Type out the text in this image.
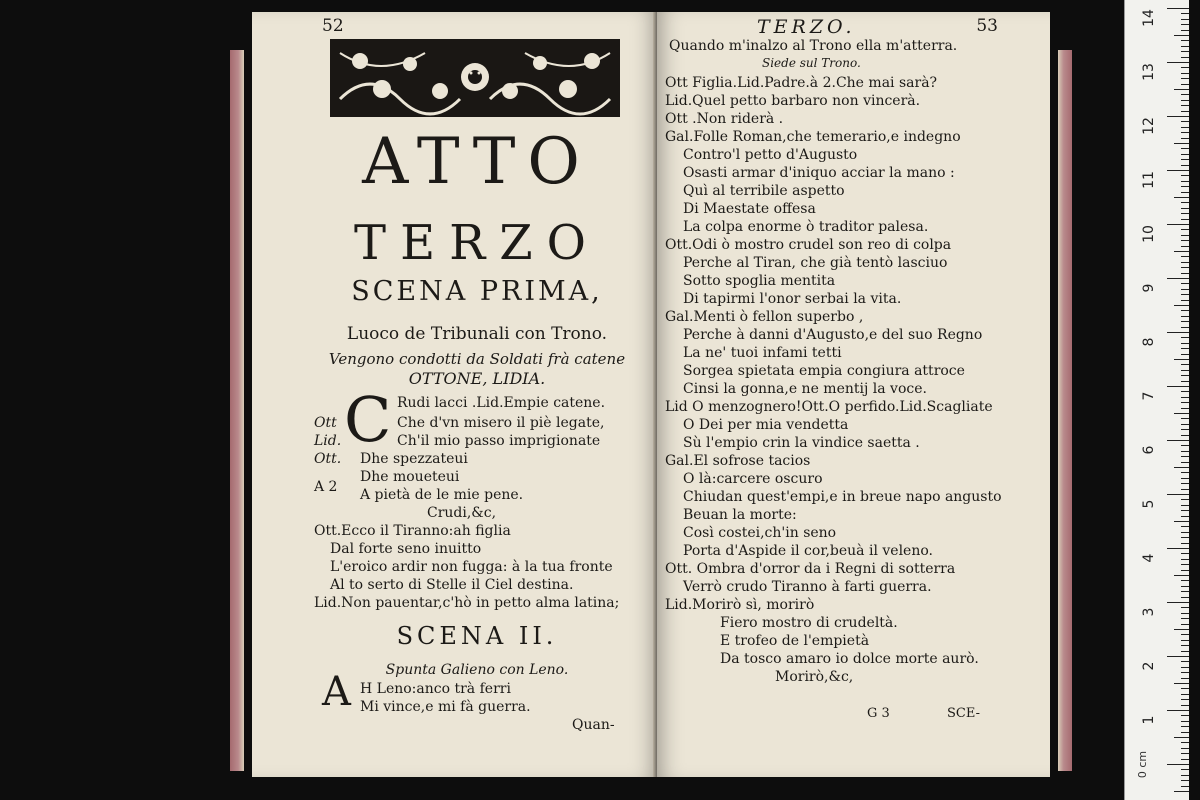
52
ATTO
TERZO
SCENA PRIMA,
Luoco de Tribunali con Trono.
Vengono condotti da Soldati frà catene
OTTONE, LIDIA.
C Rudi lacci .Lid.Empie catene.
Ott	Che d'vn misero il piè legate,
Lid.	Ch'il mio passo imprigionate
Ott. Dhe spezzateui
Dhe moueteui
A 2 A pietà de le mie pene.
Crudi,&c,
Ott.Ecco il Tiranno:ah figlia
Dal forte seno inuitto
L'eroico ardir non fugga: à la tua fronte
Al to serto di Stelle il Ciel destina.
Lid.Non pauentar,c'hò in petto alma latina;
SCENA II.
Spunta Galieno con Leno.
A H Leno:anco trà ferri
Mi vince,e mi fà guerra.
Quan-
TERZO.	53
Quando m'inalzo al Trono ella m'atterra.
Siede sul Trono.
Ott Figlia.Lid.Padre.à 2.Che mai sarà?
Lid.Quel petto barbaro non vincerà.
Ott .Non riderà .
Gal.Folle Roman,che temerario,e indegno
Contro'l petto d'Augusto
Osasti armar d'iniquo acciar la mano :
Quì al terribile aspetto
Di Maestate offesa
La colpa enorme ò traditor palesa.
Ott.Odi ò mostro crudel son reo di colpa
Perche al Tiran, che già tentò lasciuo
Sotto spoglia mentita
Di tapirmi l'onor serbai la vita.
Gal.Menti ò fellon superbo ,
Perche à danni d'Augusto,e del suo Regno
La ne' tuoi infami tetti
Sorgea spietata empia congiura attroce
Cinsi la gonna,e ne mentij la voce.
Lid O menzognero!Ott.O perfido.Lid.Scagliate
O Dei per mia vendetta
Sù l'empio crin la vindice saetta .
Gal.El sofrose tacios
O là:carcere oscuro
Chiudan quest'empi,e in breue napo angusto
Beuan la morte:
Così costei,ch'in seno
Porta d'Aspide il cor,beuà il veleno.
Ott. Ombra d'orror da i Regni di sotterra
Verrò crudo Tiranno à farti guerra.
Lid.Morirò sì, morirò
Fiero mostro di crudeltà.
E trofeo de l'empietà
Da tosco amaro io dolce morte aurò.
Morirò,&c,
G 3	SCE-
14
13
12
11
10
9
8
7
6
5
4
3
2
1
0 cm
